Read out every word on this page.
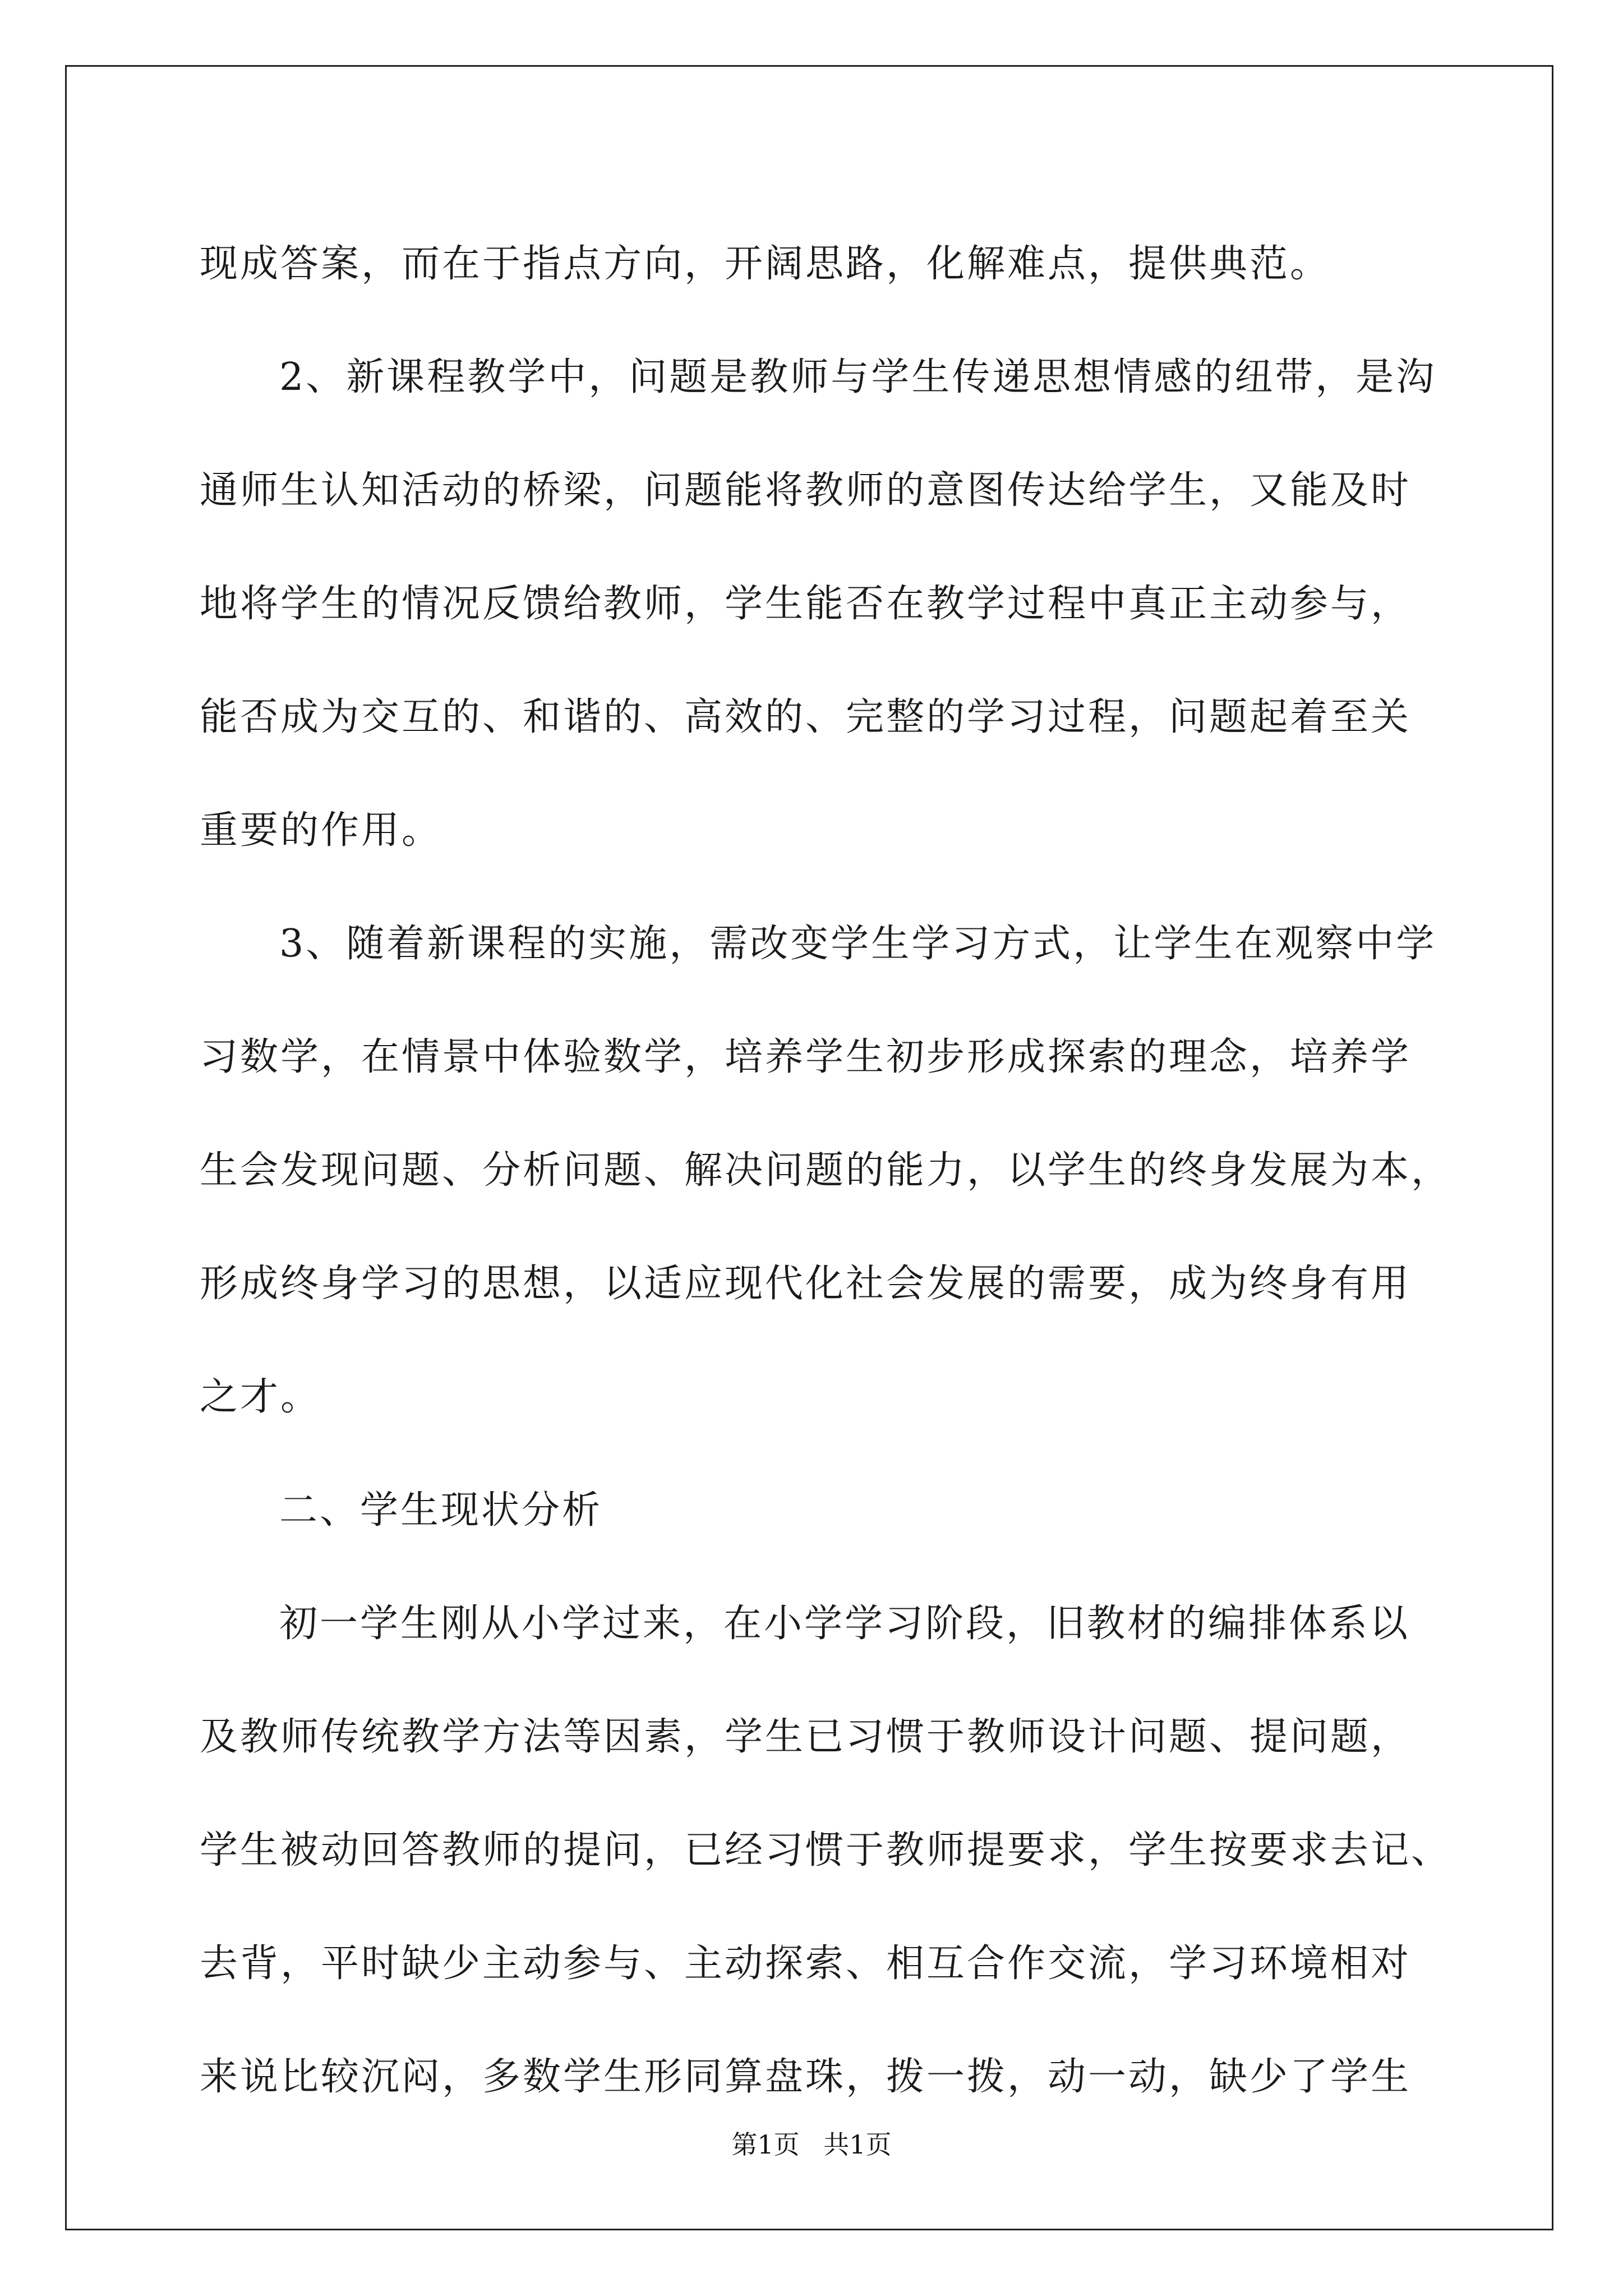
现成答案，而在于指点方向，开阔思路，化解难点，提供典范。

2、新课程教学中，问题是教师与学生传递思想情感的纽带，是沟

通师生认知活动的桥梁，问题能将教师的意图传达给学生，又能及时

地将学生的情况反馈给教师，学生能否在教学过程中真正主动参与，

能否成为交互的、和谐的、高效的、完整的学习过程，问题起着至关

重要的作用。

3、随着新课程的实施，需改变学生学习方式，让学生在观察中学

习数学，在情景中体验数学，培养学生初步形成探索的理念，培养学

生会发现问题、分析问题、解决问题的能力，以学生的终身发展为本，

形成终身学习的思想，以适应现代化社会发展的需要，成为终身有用

之才。

二、学生现状分析

初一学生刚从小学过来，在小学学习阶段，旧教材的编排体系以

及教师传统教学方法等因素，学生已习惯于教师设计问题、提问题，

学生被动回答教师的提问，已经习惯于教师提要求，学生按要求去记、

去背，平时缺少主动参与、主动探索、相互合作交流，学习环境相对

来说比较沉闷，多数学生形同算盘珠，拨一拨，动一动，缺少了学生

第1页 共1页
